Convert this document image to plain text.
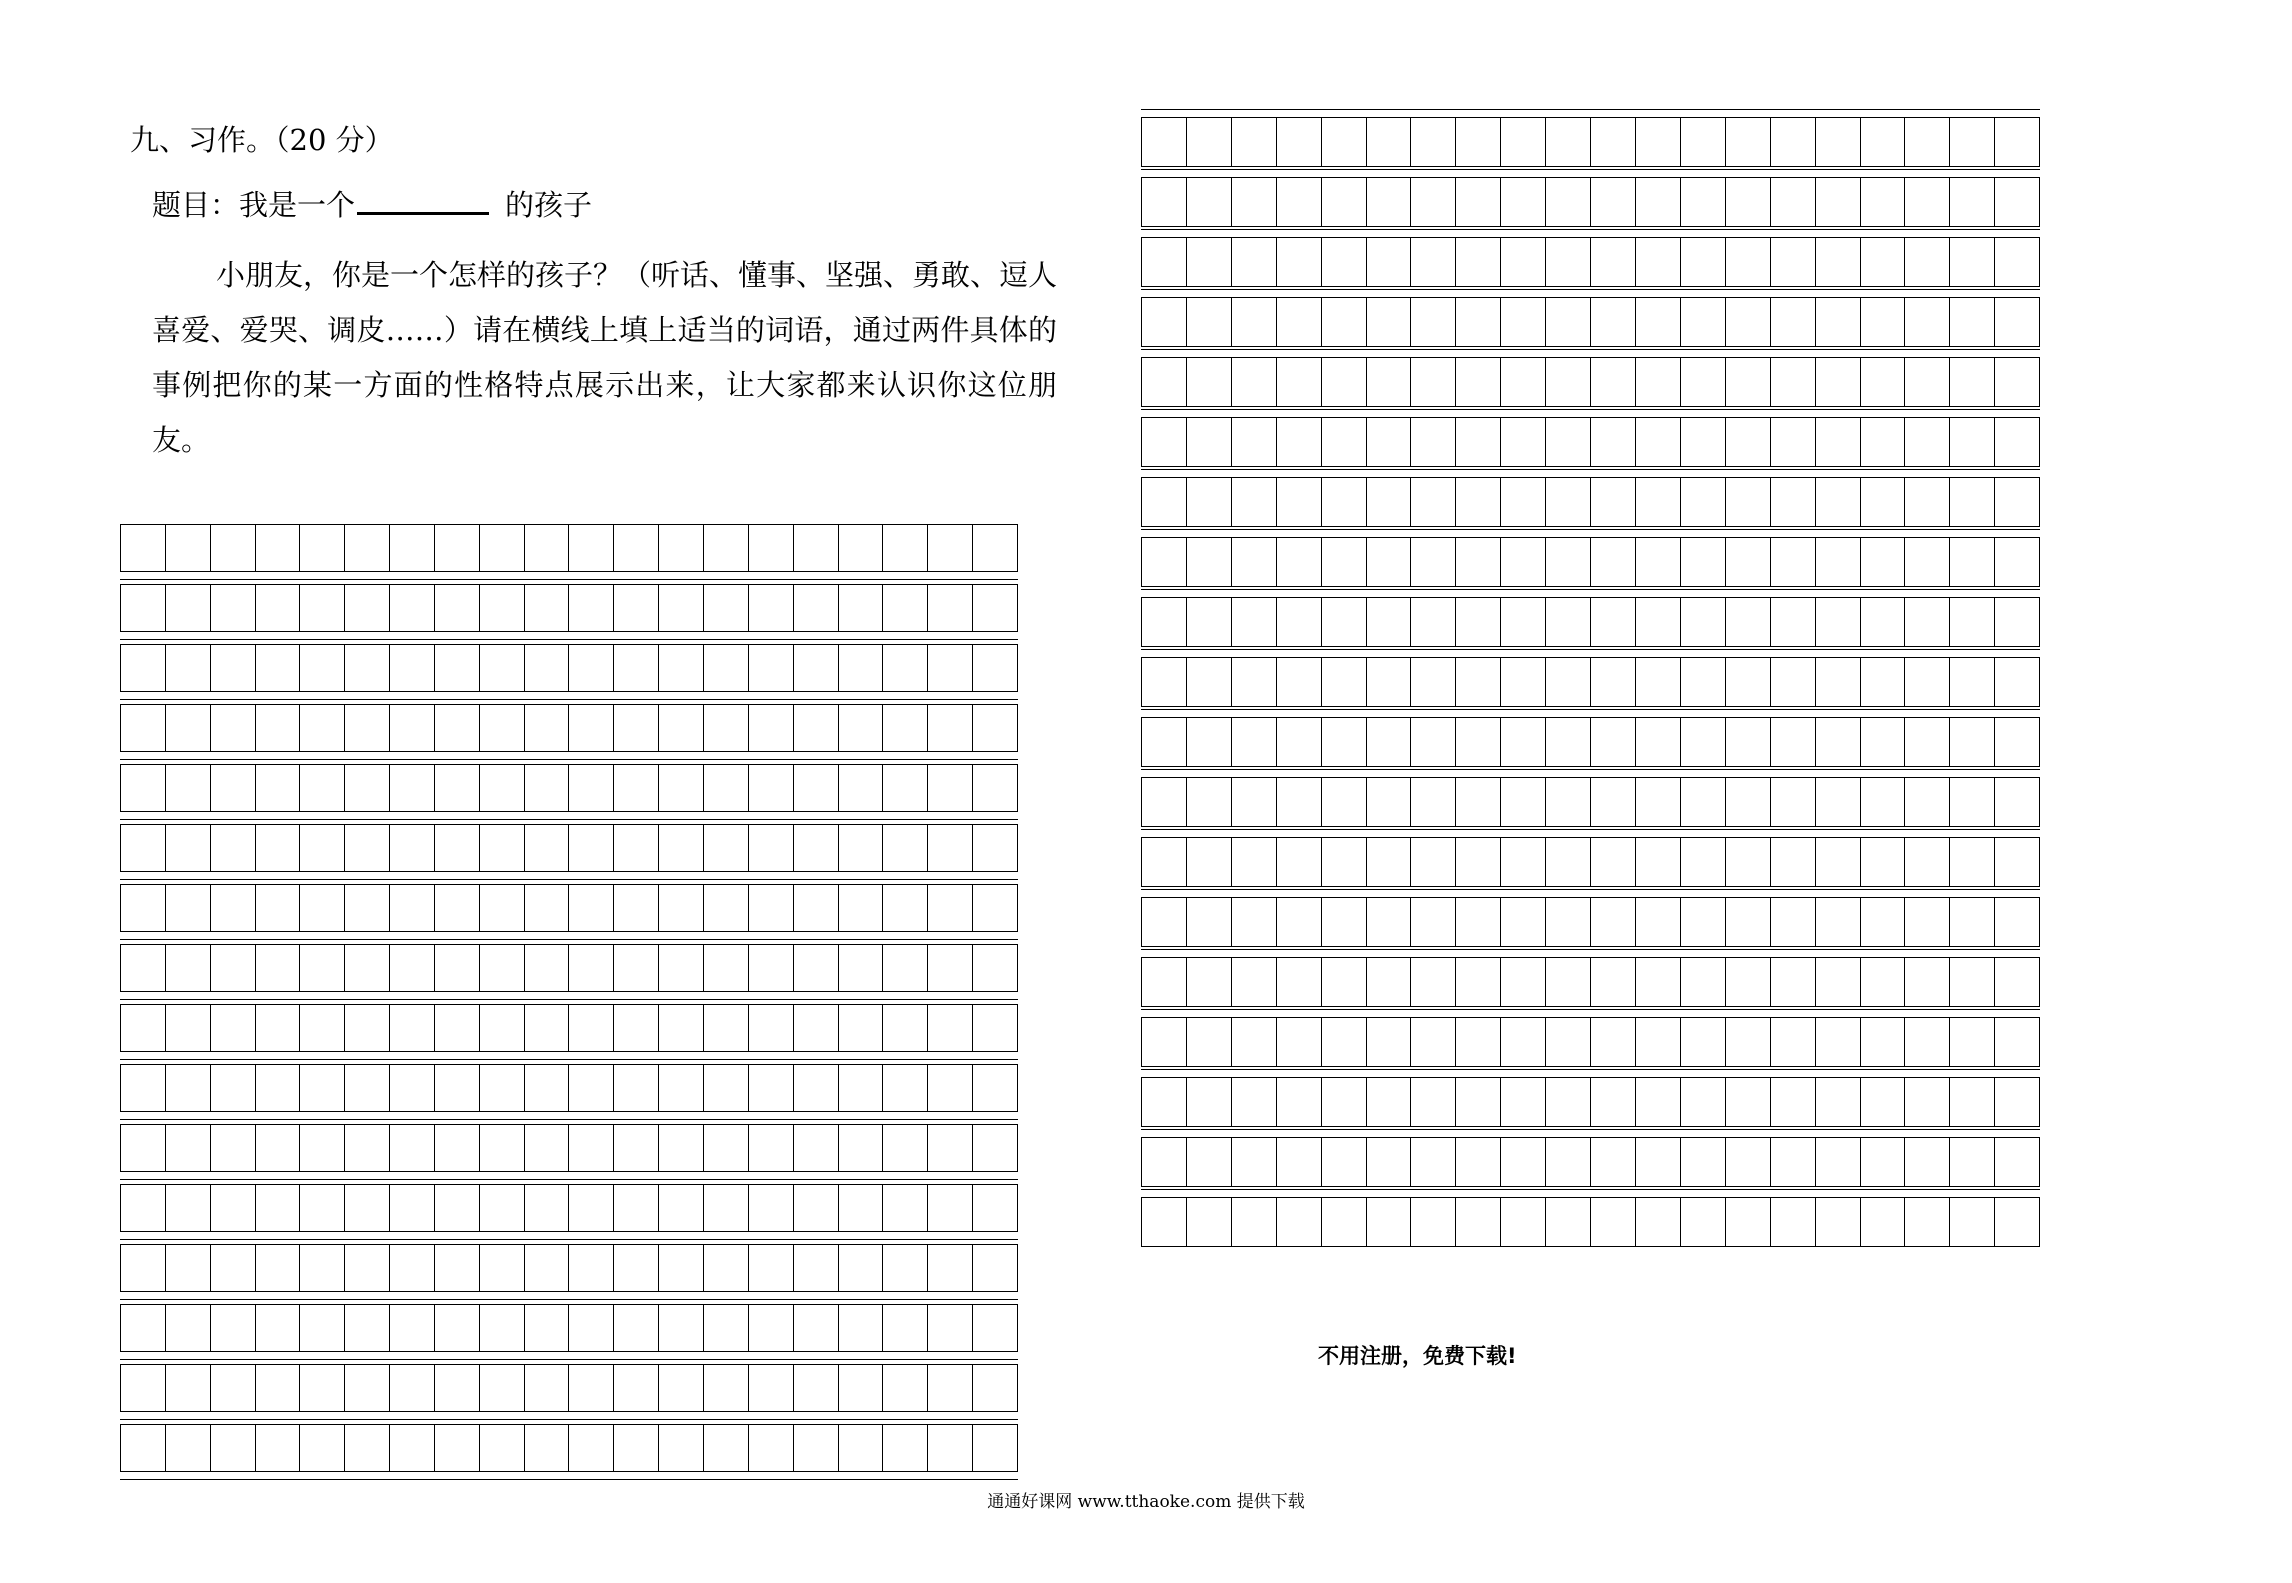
九、习作。（20 分）
题目：我是一个	的孩子

小朋友，你是一个怎样的孩子？（听话、懂事、坚强、勇敢、逗人喜爱、爱哭、调皮……）请在横线上填上适当的词语，通过两件具体的事例把你的某一方面的性格特点展示出来，让大家都来认识你这位朋友。

不用注册，免费下载!
通通好课网 www.tthaoke.com 提供下载
